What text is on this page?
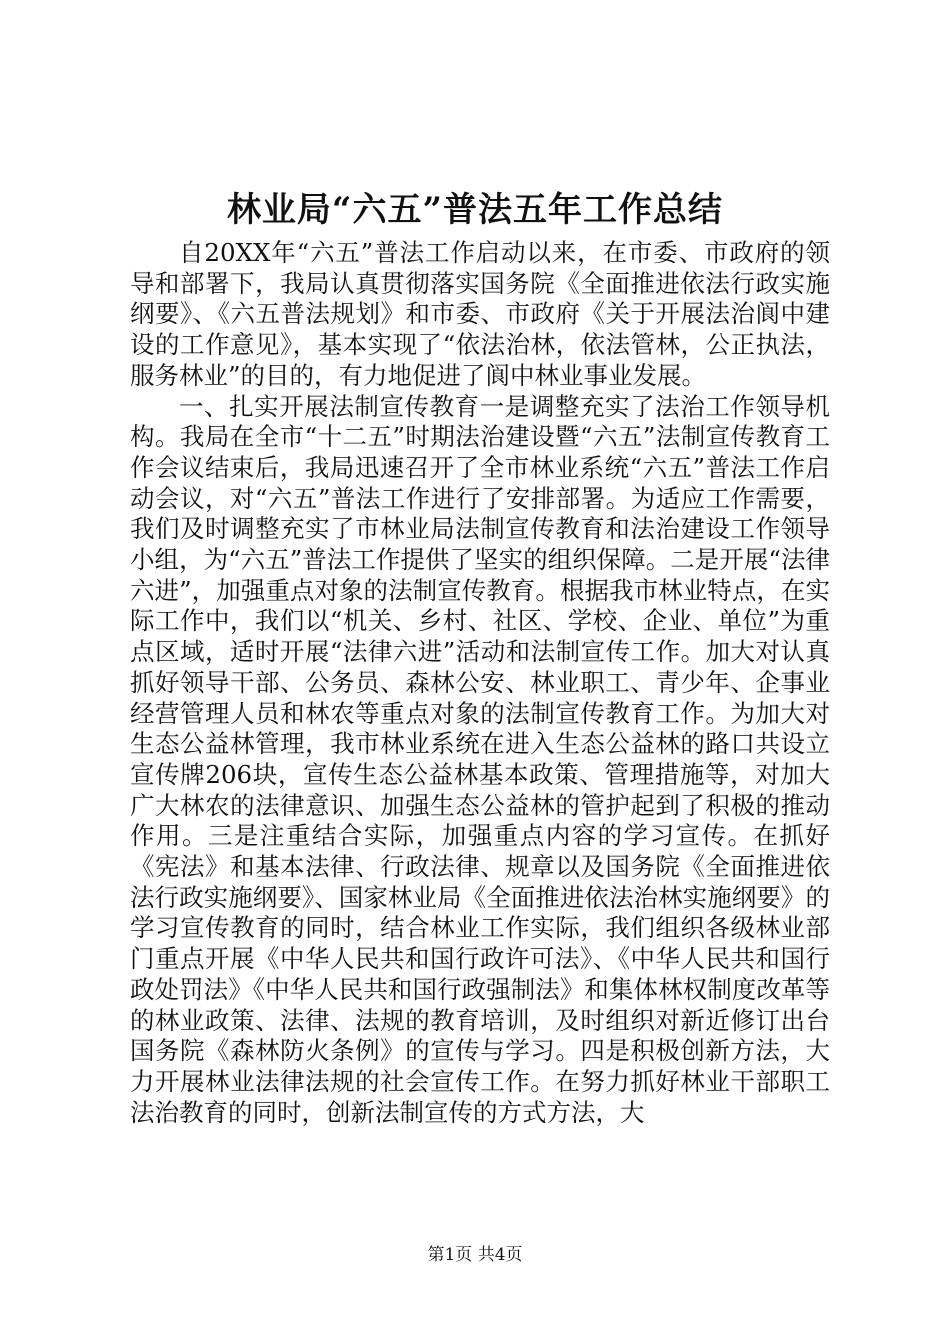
林业局“六五”普法五年工作总结

自20XX年“六五”普法工作启动以来，在市委、市政府的领导和部署下，我局认真贯彻落实国务院《全面推进依法行政实施纲要》、《六五普法规划》和市委、市政府《关于开展法治阆中建设的工作意见》，基本实现了“依法治林，依法管林，公正执法，服务林业”的目的，有力地促进了阆中林业事业发展。

一、扎实开展法制宣传教育一是调整充实了法治工作领导机构。我局在全市“十二五”时期法治建设暨“六五”法制宣传教育工作会议结束后，我局迅速召开了全市林业系统“六五”普法工作启动会议，对“六五”普法工作进行了安排部署。为适应工作需要，我们及时调整充实了市林业局法制宣传教育和法治建设工作领导小组，为“六五”普法工作提供了坚实的组织保障。二是开展“法律六进”，加强重点对象的法制宣传教育。根据我市林业特点，在实际工作中，我们以“机关、乡村、社区、学校、企业、单位”为重点区域，适时开展“法律六进”活动和法制宣传工作。加大对认真抓好领导干部、公务员、森林公安、林业职工、青少年、企事业经营管理人员和林农等重点对象的法制宣传教育工作。为加大对生态公益林管理，我市林业系统在进入生态公益林的路口共设立宣传牌206块，宣传生态公益林基本政策、管理措施等，对加大广大林农的法律意识、加强生态公益林的管护起到了积极的推动作用。三是注重结合实际，加强重点内容的学习宣传。在抓好《宪法》和基本法律、行政法律、规章以及国务院《全面推进依法行政实施纲要》、国家林业局《全面推进依法治林实施纲要》的学习宣传教育的同时，结合林业工作实际，我们组织各级林业部门重点开展《中华人民共和国行政许可法》、《中华人民共和国行政处罚法》《中华人民共和国行政强制法》和集体林权制度改革等的林业政策、法律、法规的教育培训，及时组织对新近修订出台国务院《森林防火条例》的宣传与学习。四是积极创新方法，大力开展林业法律法规的社会宣传工作。在努力抓好林业干部职工法治教育的同时，创新法制宣传的方式方法，大

第1页 共4页
